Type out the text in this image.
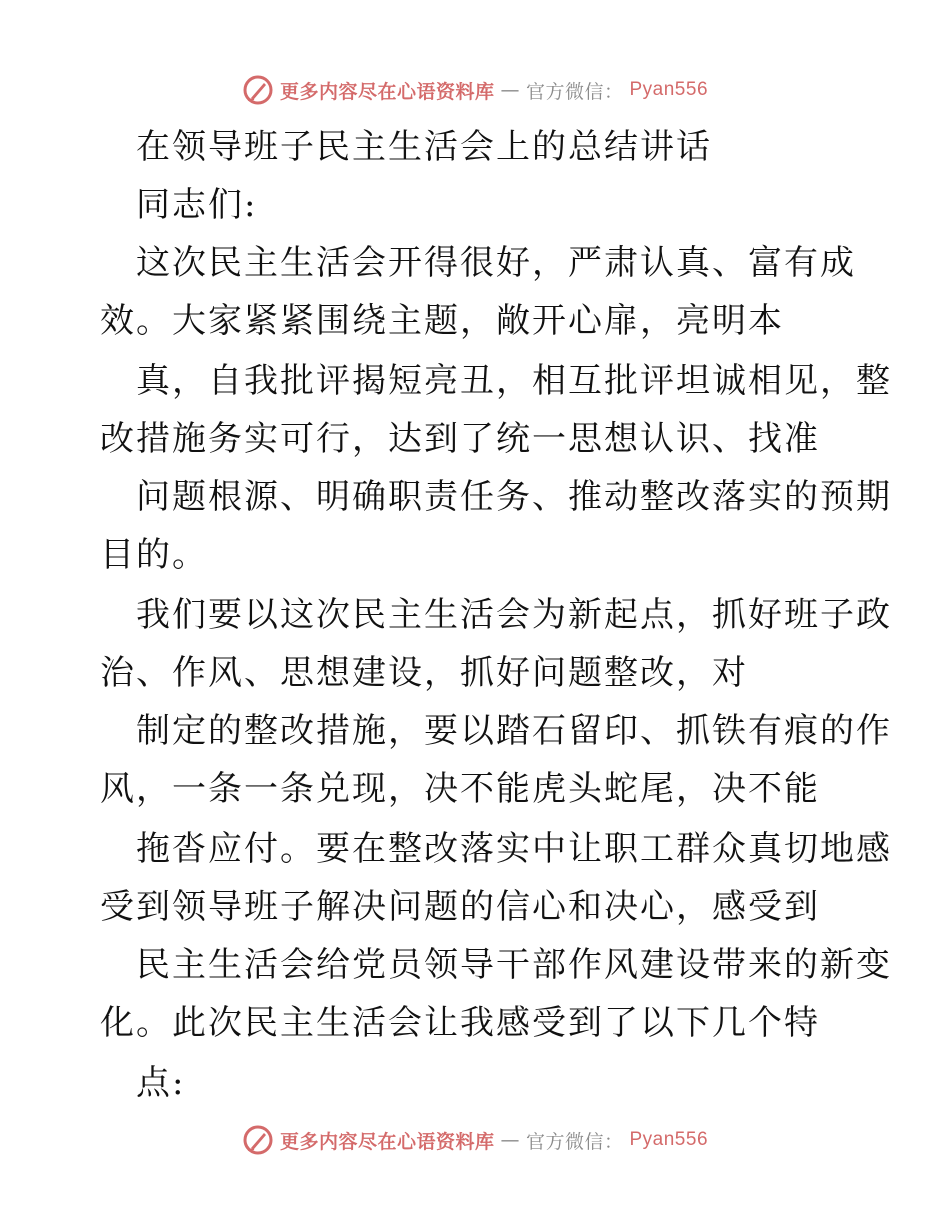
更多内容尽在心语资料库 — 官方微信： Pyan556
在领导班子民主生活会上的总结讲话
同志们:
这次民主生活会开得很好，严肃认真、富有成
效。大家紧紧围绕主题，敞开心扉，亮明本
真，自我批评揭短亮丑，相互批评坦诚相见，整
改措施务实可行，达到了统一思想认识、找准
问题根源、明确职责任务、推动整改落实的预期
目的。
我们要以这次民主生活会为新起点，抓好班子政
治、作风、思想建设，抓好问题整改，对
制定的整改措施，要以踏石留印、抓铁有痕的作
风，一条一条兑现，决不能虎头蛇尾，决不能
拖沓应付。要在整改落实中让职工群众真切地感
受到领导班子解决问题的信心和决心，感受到
民主生活会给党员领导干部作风建设带来的新变
化。此次民主生活会让我感受到了以下几个特
点:
更多内容尽在心语资料库 — 官方微信： Pyan556
